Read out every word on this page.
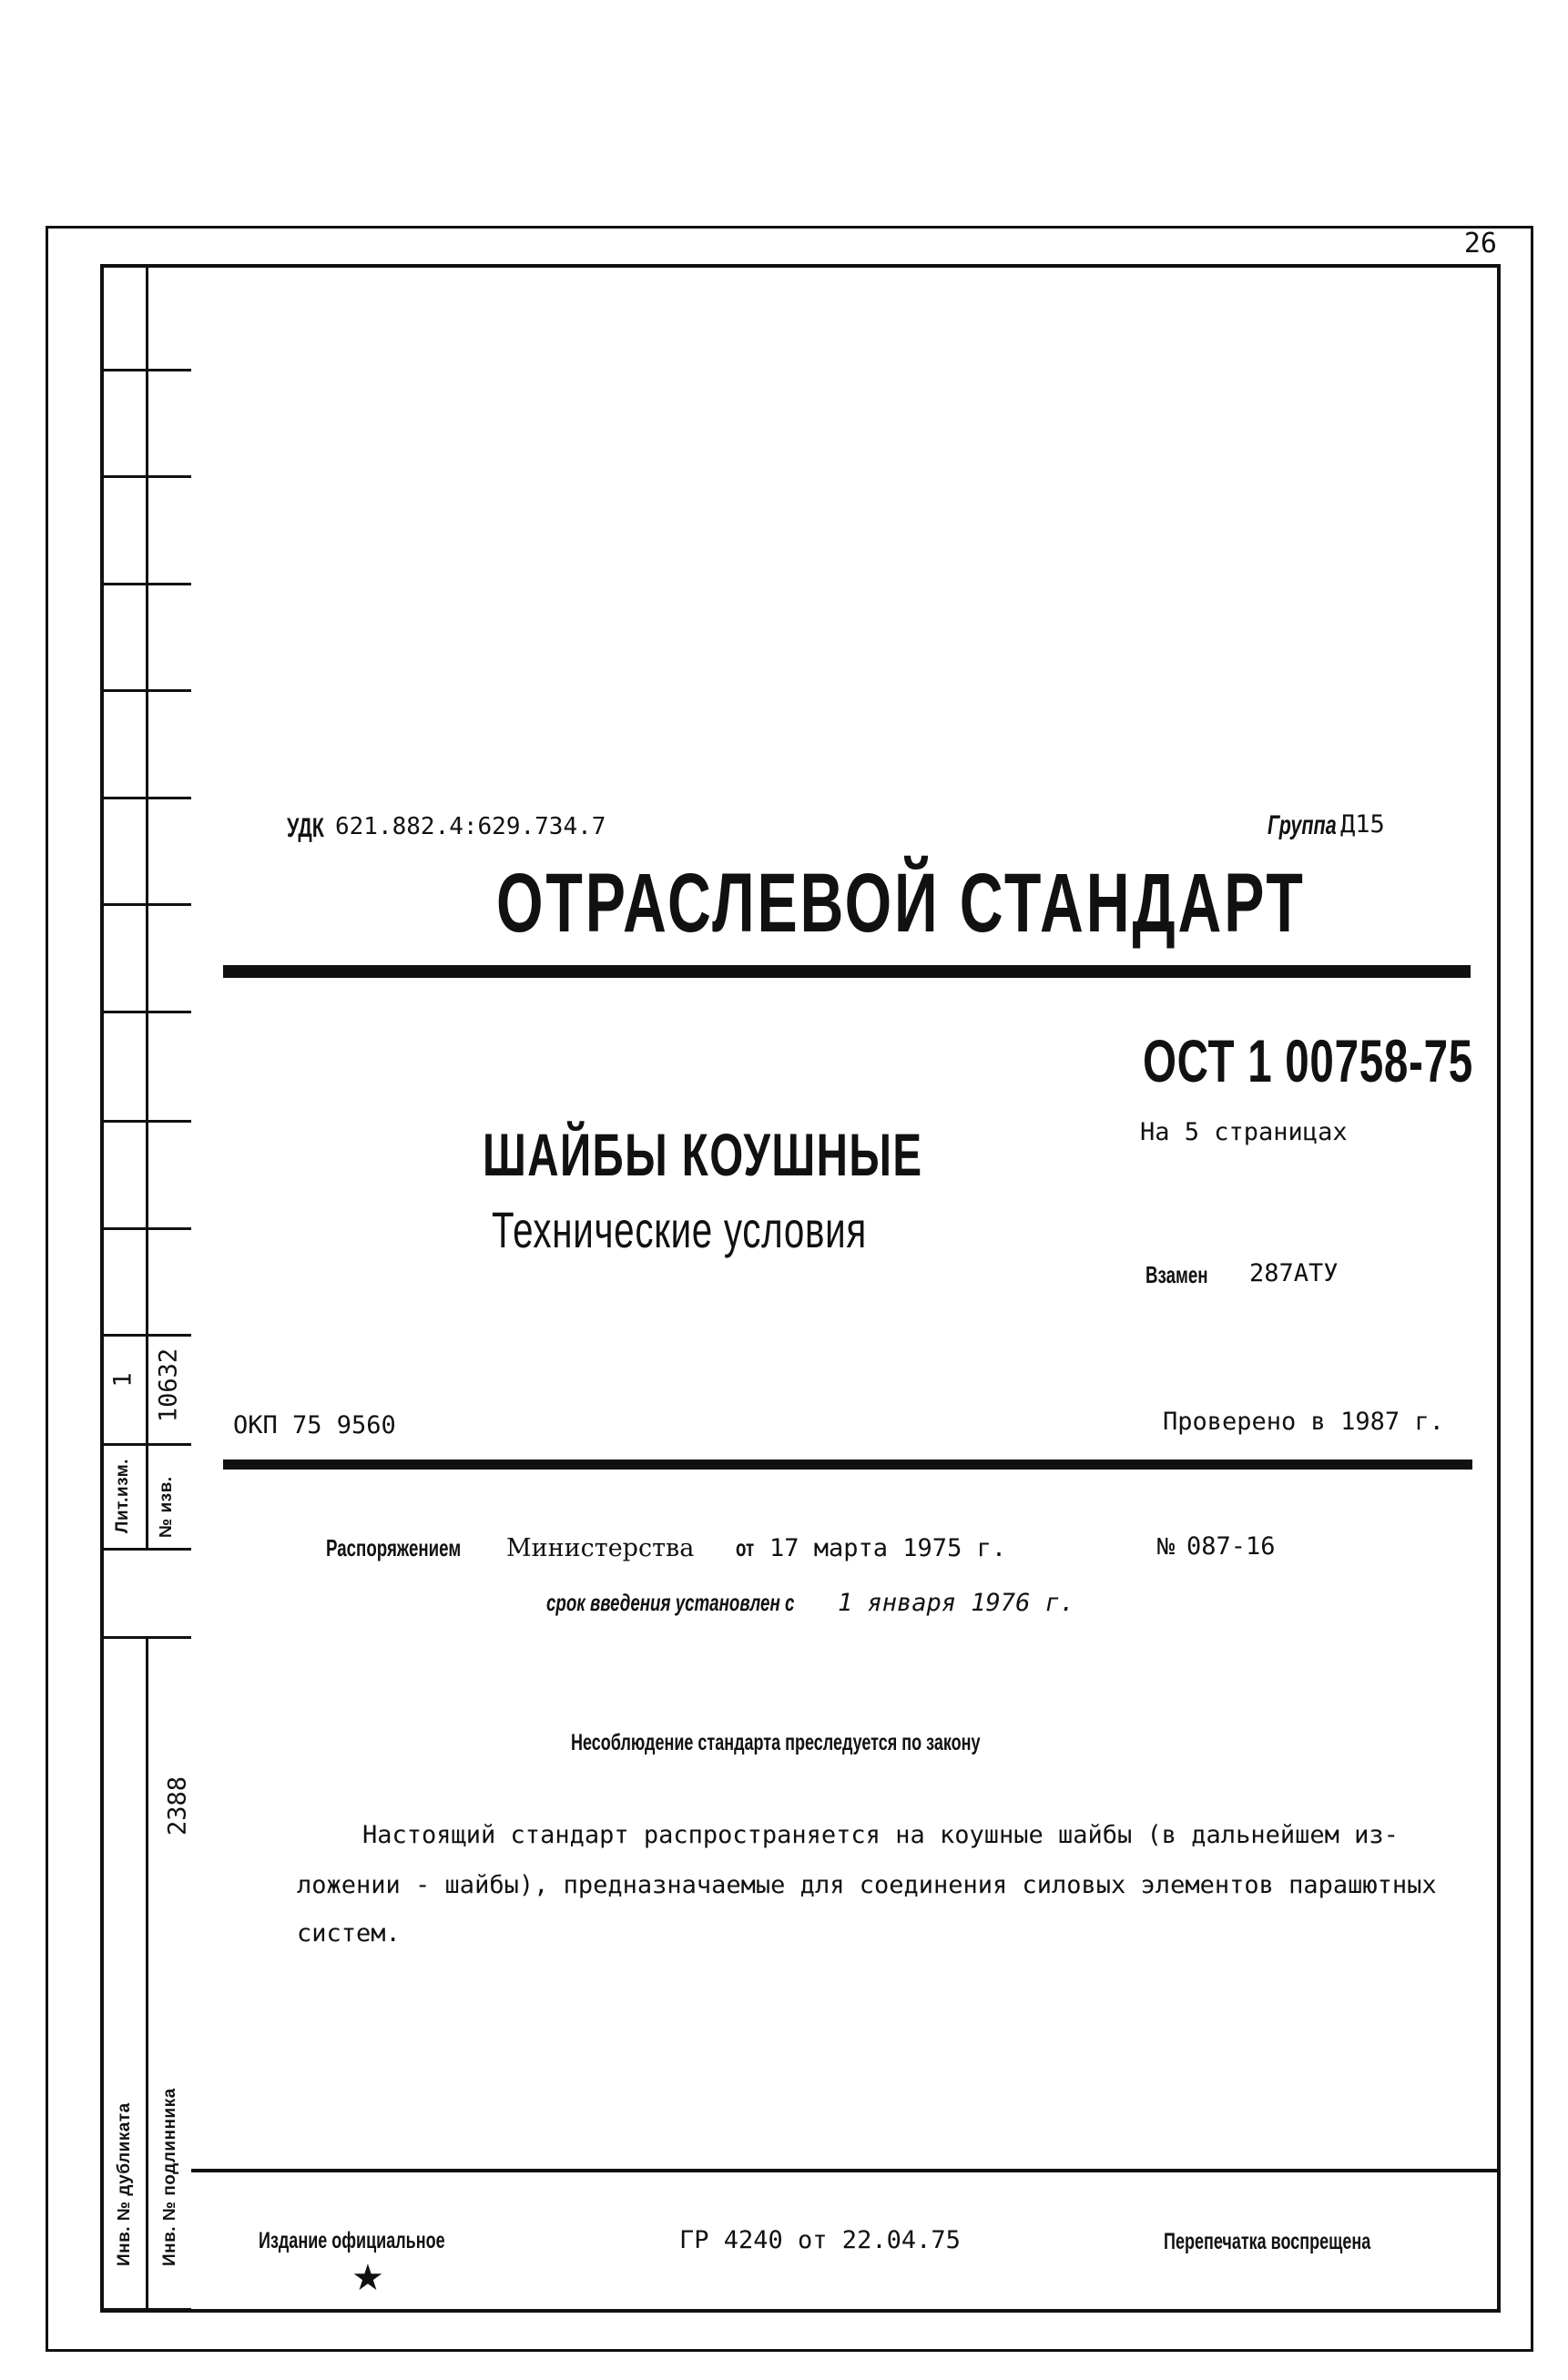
26
Лит.изм.
1
№ изв.
10632
Инв. № дубликата Инв. № подлинника
2388
УДК 621.882.4:629.734.7	Группа Д15
ОТРАСЛЕВОЙ СТАНДАРТ
ОСТ 1 00758-75
На 5 страницах
ШАЙБЫ КОУШНЫЕ
Технические условия
Взамен 287АТУ
ОКП 75 9560	Проверено в 1987 г.
Распоряжением Министерства от 17 марта 1975 г.	№ 087-16
срок введения установлен с 1 января 1976 г.
Несоблюдение стандарта преследуется по закону
Настоящий стандарт распространяется на коушные шайбы (в дальнейшем из-
ложении - шайбы), предназначаемые для соединения силовых элементов парашютных
систем.
Издание официальное
★
ГР 4240 от 22.04.75	Перепечатка воспрещена
